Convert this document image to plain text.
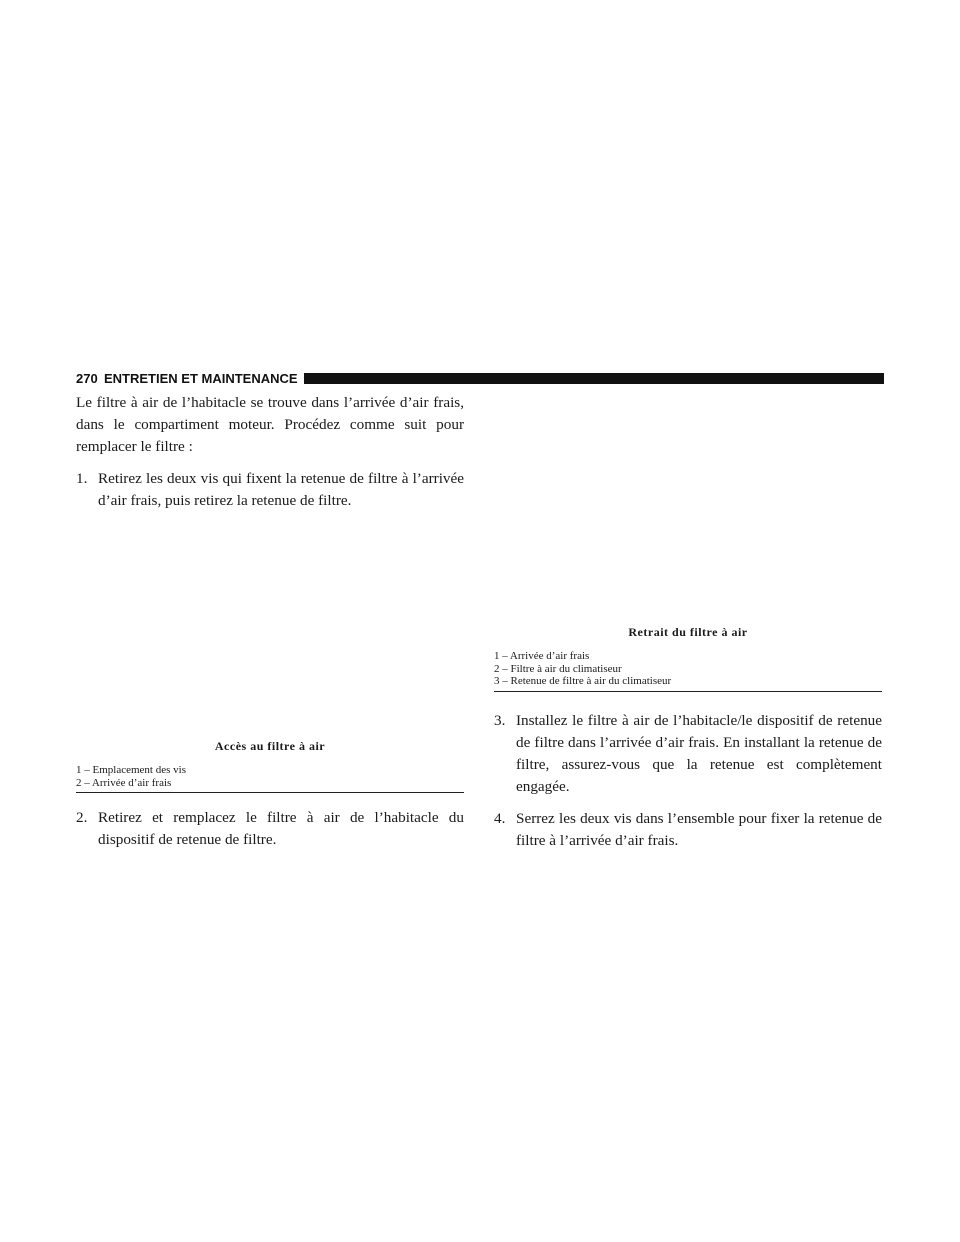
270 ENTRETIEN ET MAINTENANCE

Le filtre à air de l’habitacle se trouve dans l’arrivée d’air frais, dans le compartiment moteur. Procédez comme suit pour remplacer le filtre :

1. Retirez les deux vis qui fixent la retenue de filtre à l’arrivée d’air frais, puis retirez la retenue de filtre.
Accès au filtre à air
1 – Emplacement des vis
2 – Arrivée d’air frais
2. Retirez et remplacez le filtre à air de l’habitacle du dispositif de retenue de filtre.
Retrait du filtre à air
1 – Arrivée d’air frais
2 – Filtre à air du climatiseur
3 – Retenue de filtre à air du climatiseur
3. Installez le filtre à air de l’habitacle/le dispositif de retenue de filtre dans l’arrivée d’air frais. En installant la retenue de filtre, assurez-vous que la retenue est complètement engagée.
4. Serrez les deux vis dans l’ensemble pour fixer la retenue de filtre à l’arrivée d’air frais.
